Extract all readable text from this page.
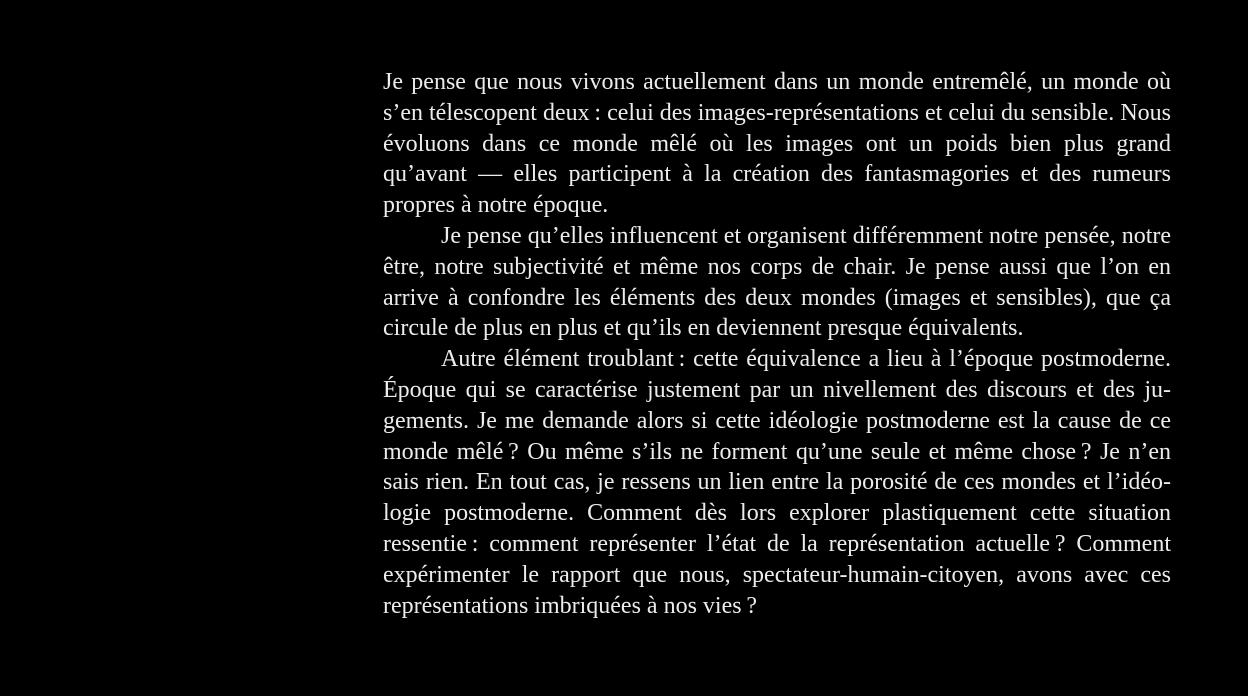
Je pense que nous vivons actuellement dans un monde entremêlé, un monde où s’en télescopent deux : celui des images-représentations et celui du sensible. Nous évoluons dans ce monde mêlé où les images ont un poids bien plus grand qu’avant — elles participent à la création des fantasmagories et des rumeurs propres à notre époque.

Je pense qu’elles influencent et organisent différemment notre pensée, notre être, notre subjectivité et même nos corps de chair. Je pense aussi que l’on en arrive à confondre les éléments des deux mondes (images et sensibles), que ça circule de plus en plus et qu’ils en deviennent presque équivalents.

Autre élément troublant : cette équivalence a lieu à l’époque postmoderne. Époque qui se caractérise justement par un nivellement des discours et des jugements. Je me demande alors si cette idéologie postmoderne est la cause de ce monde mêlé ? Ou même s’ils ne forment qu’une seule et même chose ? Je n’en sais rien. En tout cas, je ressens un lien entre la porosité de ces mondes et l’idéologie postmoderne. Comment dès lors explorer plastiquement cette situation ressentie : comment représenter l’état de la représentation actuelle ? Comment expérimenter le rapport que nous, spectateur-humain-citoyen, avons avec ces représentations imbriquées à nos vies ?
